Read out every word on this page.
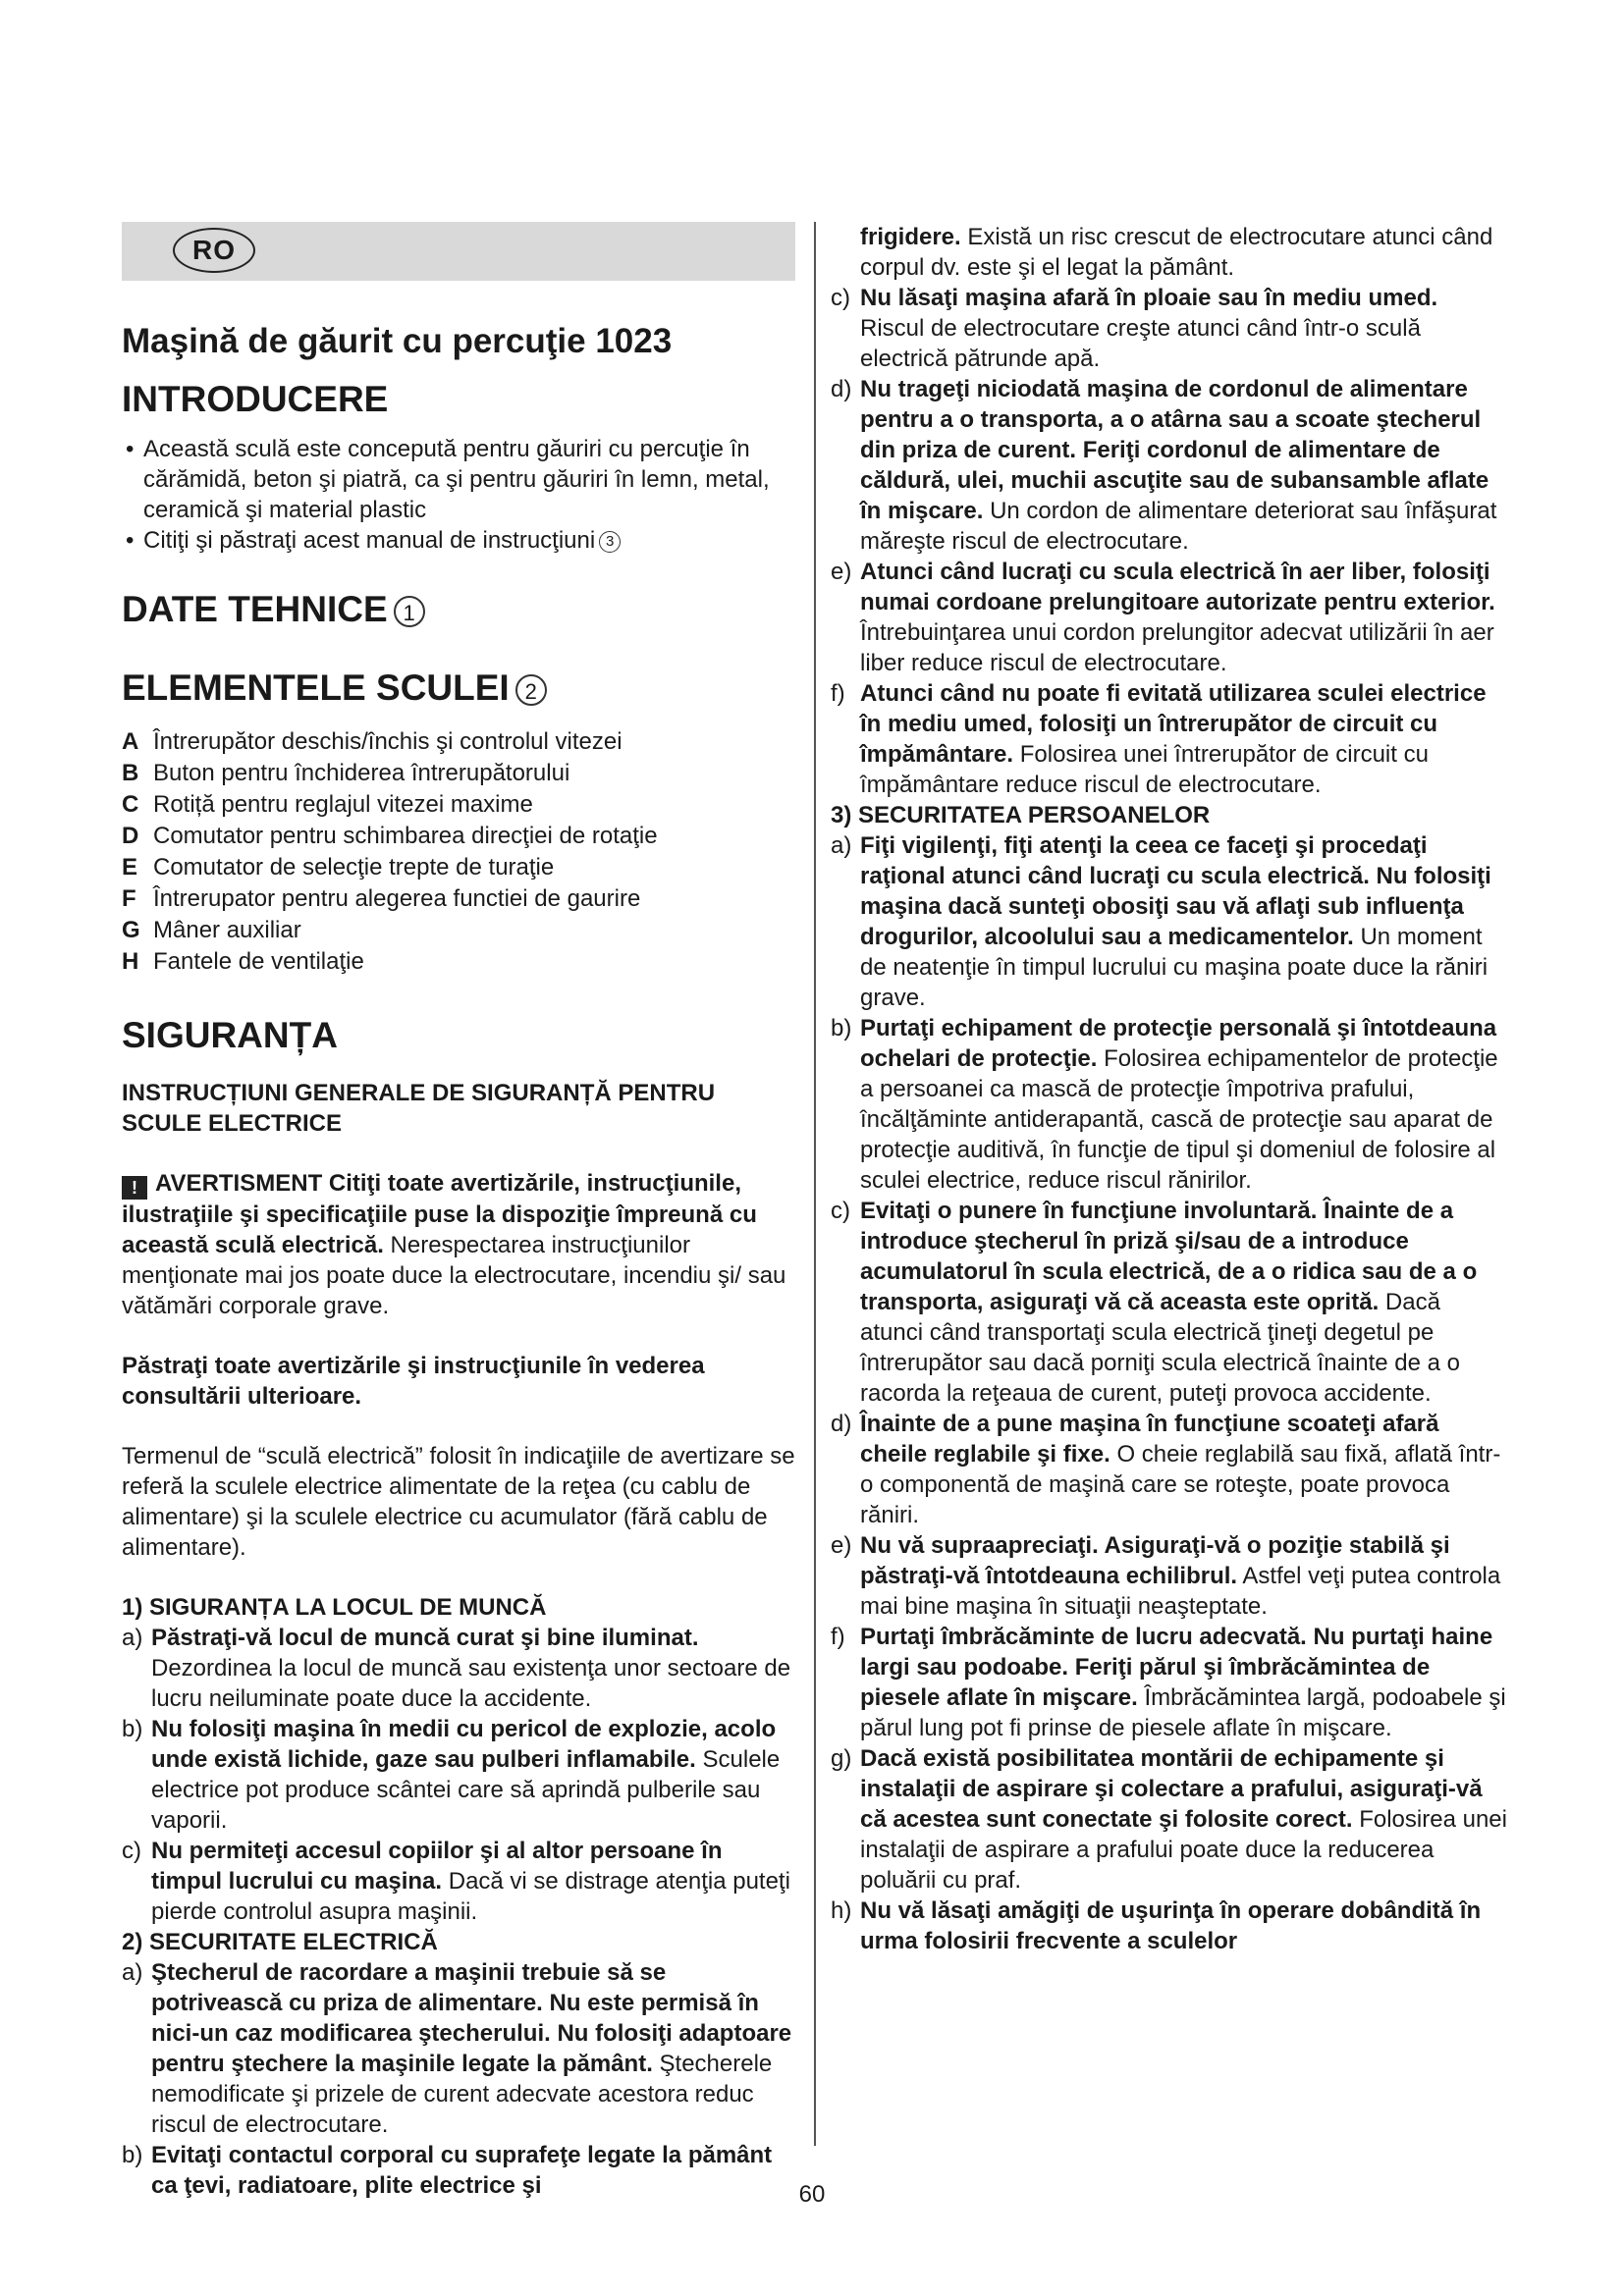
RO
Maşină de găurit cu percuţie 1023
INTRODUCERE
• Această sculă este concepută pentru găuriri cu percuţie în cărămidă, beton şi piatră, ca şi pentru găuriri în lemn, metal, ceramică şi material plastic
• Citiţi şi păstraţi acest manual de instrucţiuni 3
DATE TEHNICE 1
ELEMENTELE SCULEI 2
A Întrerupător deschis/închis şi controlul vitezei
B Buton pentru închiderea întrerupătorului
C Rotiță pentru reglajul vitezei maxime
D Comutator pentru schimbarea direcţiei de rotaţie
E Comutator de selecţie trepte de turaţie
F Întrerupator pentru alegerea functiei de gaurire
G Mâner auxiliar
H Fantele de ventilaţie
SIGURANȚA

INSTRUCȚIUNI GENERALE DE SIGURANȚĂ PENTRU SCULE ELECTRICE

! AVERTISMENT Citiţi toate avertizările, instrucţiunile, ilustraţiile şi specificaţiile puse la dispoziţie împreună cu această sculă electrică. Nerespectarea instrucţiunilor menţionate mai jos poate duce la electrocutare, incendiu şi/ sau vătămări corporale grave.

Păstraţi toate avertizările şi instrucţiunile în vederea consultării ulterioare.

Termenul de “sculă electrică” folosit în indicaţiile de avertizare se referă la sculele electrice alimentate de la reţea (cu cablu de alimentare) şi la sculele electrice cu acumulator (fără cablu de alimentare).

1) SIGURANȚA LA LOCUL DE MUNCĂ

a) Păstraţi-vă locul de muncă curat şi bine iluminat. Dezordinea la locul de muncă sau existenţa unor sectoare de lucru neiluminate poate duce la accidente.
b) Nu folosiţi maşina în medii cu pericol de explozie, acolo unde există lichide, gaze sau pulberi inflamabile. Sculele electrice pot produce scântei care să aprindă pulberile sau vaporii.
c) Nu permiteţi accesul copiilor şi al altor persoane în timpul lucrului cu maşina. Dacă vi se distrage atenţia puteţi pierde controlul asupra maşinii.

2) SECURITATE ELECTRICĂ

a) Ştecherul de racordare a maşinii trebuie să se potrivească cu priza de alimentare. Nu este permisă în nici-un caz modificarea ştecherului. Nu folosiţi adaptoare pentru ştechere la maşinile legate la pământ. Ştecherele nemodificate şi prizele de curent adecvate acestora reduc riscul de electrocutare.
b) Evitaţi contactul corporal cu suprafeţe legate la pământ ca ţevi, radiatoare, plite electrice şi
frigidere. Există un risc crescut de electrocutare atunci când corpul dv. este şi el legat la pământ.
c) Nu lăsaţi maşina afară în ploaie sau în mediu umed. Riscul de electrocutare creşte atunci când într-o sculă electrică pătrunde apă.
d) Nu trageţi niciodată maşina de cordonul de alimentare pentru a o transporta, a o atârna sau a scoate ştecherul din priza de curent. Feriţi cordonul de alimentare de căldură, ulei, muchii ascuţite sau de subansamble aflate în mişcare. Un cordon de alimentare deteriorat sau înfăşurat măreşte riscul de electrocutare.
e) Atunci când lucraţi cu scula electrică în aer liber, folosiţi numai cordoane prelungitoare autorizate pentru exterior. Întrebuinţarea unui cordon prelungitor adecvat utilizării în aer liber reduce riscul de electrocutare.
f) Atunci când nu poate fi evitată utilizarea sculei electrice în mediu umed, folosiţi un întrerupător de circuit cu împământare. Folosirea unei întrerupător de circuit cu împământare reduce riscul de electrocutare.

3) SECURITATEA PERSOANELOR

a) Fiţi vigilenţi, fiţi atenţi la ceea ce faceţi şi procedaţi raţional atunci când lucraţi cu scula electrică. Nu folosiţi maşina dacă sunteţi obosiţi sau vă aflaţi sub influenţa drogurilor, alcoolului sau a medicamentelor. Un moment de neatenţie în timpul lucrului cu maşina poate duce la răniri grave.
b) Purtaţi echipament de protecţie personală şi întotdeauna ochelari de protecţie. Folosirea echipamentelor de protecţie a persoanei ca mască de protecţie împotriva prafului, încălţăminte antiderapantă, cască de protecţie sau aparat de protecţie auditivă, în funcţie de tipul şi domeniul de folosire al sculei electrice, reduce riscul rănirilor.
c) Evitaţi o punere în funcţiune involuntară. Înainte de a introduce ştecherul în priză şi/sau de a introduce acumulatorul în scula electrică, de a o ridica sau de a o transporta, asiguraţi vă că aceasta este oprită. Dacă atunci când transportaţi scula electrică ţineţi degetul pe întrerupător sau dacă porniţi scula electrică înainte de a o racorda la reţeaua de curent, puteţi provoca accidente.
d) Înainte de a pune maşina în funcţiune scoateţi afară cheile reglabile şi fixe. O cheie reglabilă sau fixă, aflată într-o componentă de maşină care se roteşte, poate provoca răniri.
e) Nu vă supraapreciaţi. Asiguraţi-vă o poziţie stabilă şi păstraţi-vă întotdeauna echilibrul. Astfel veţi putea controla mai bine maşina în situaţii neaşteptate.
f) Purtaţi îmbrăcăminte de lucru adecvată. Nu purtaţi haine largi sau podoabe. Feriţi părul şi îmbrăcămintea de piesele aflate în mişcare. Îmbrăcămintea largă, podoabele şi părul lung pot fi prinse de piesele aflate în mişcare.
g) Dacă există posibilitatea montării de echipamente şi instalaţii de aspirare şi colectare a prafului, asiguraţi-vă că acestea sunt conectate şi folosite corect. Folosirea unei instalaţii de aspirare a prafului poate duce la reducerea poluării cu praf.
h) Nu vă lăsaţi amăgiţi de uşurinţa în operare dobândită în urma folosirii frecvente a sculelor
60
